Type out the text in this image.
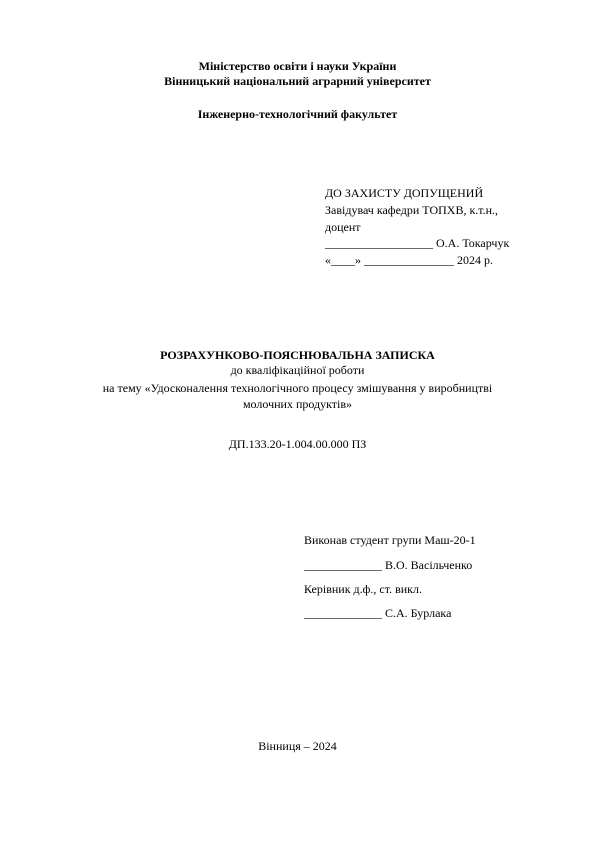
Міністерство освіти і науки України
Вінницький національний аграрний університет
Інженерно-технологічний факультет
ДО ЗАХИСТУ ДОПУЩЕНИЙ
Завідувач кафедри ТОПХВ, к.т.н.,
доцент
__________________ О.А. Токарчук
«____» _______________ 2024 р.
РОЗРАХУНКОВО-ПОЯСНЮВАЛЬНА ЗАПИСКА
до кваліфікаційної роботи
на тему «Удосконалення технологічного процесу змішування у виробництві
молочних продуктів»
ДП.133.20-1.004.00.000 ПЗ
Виконав студент групи Маш-20-1
_____________ В.О. Васільченко
Керівник д.ф., ст. викл.
_____________ С.А. Бурлака
Вінниця – 2024
